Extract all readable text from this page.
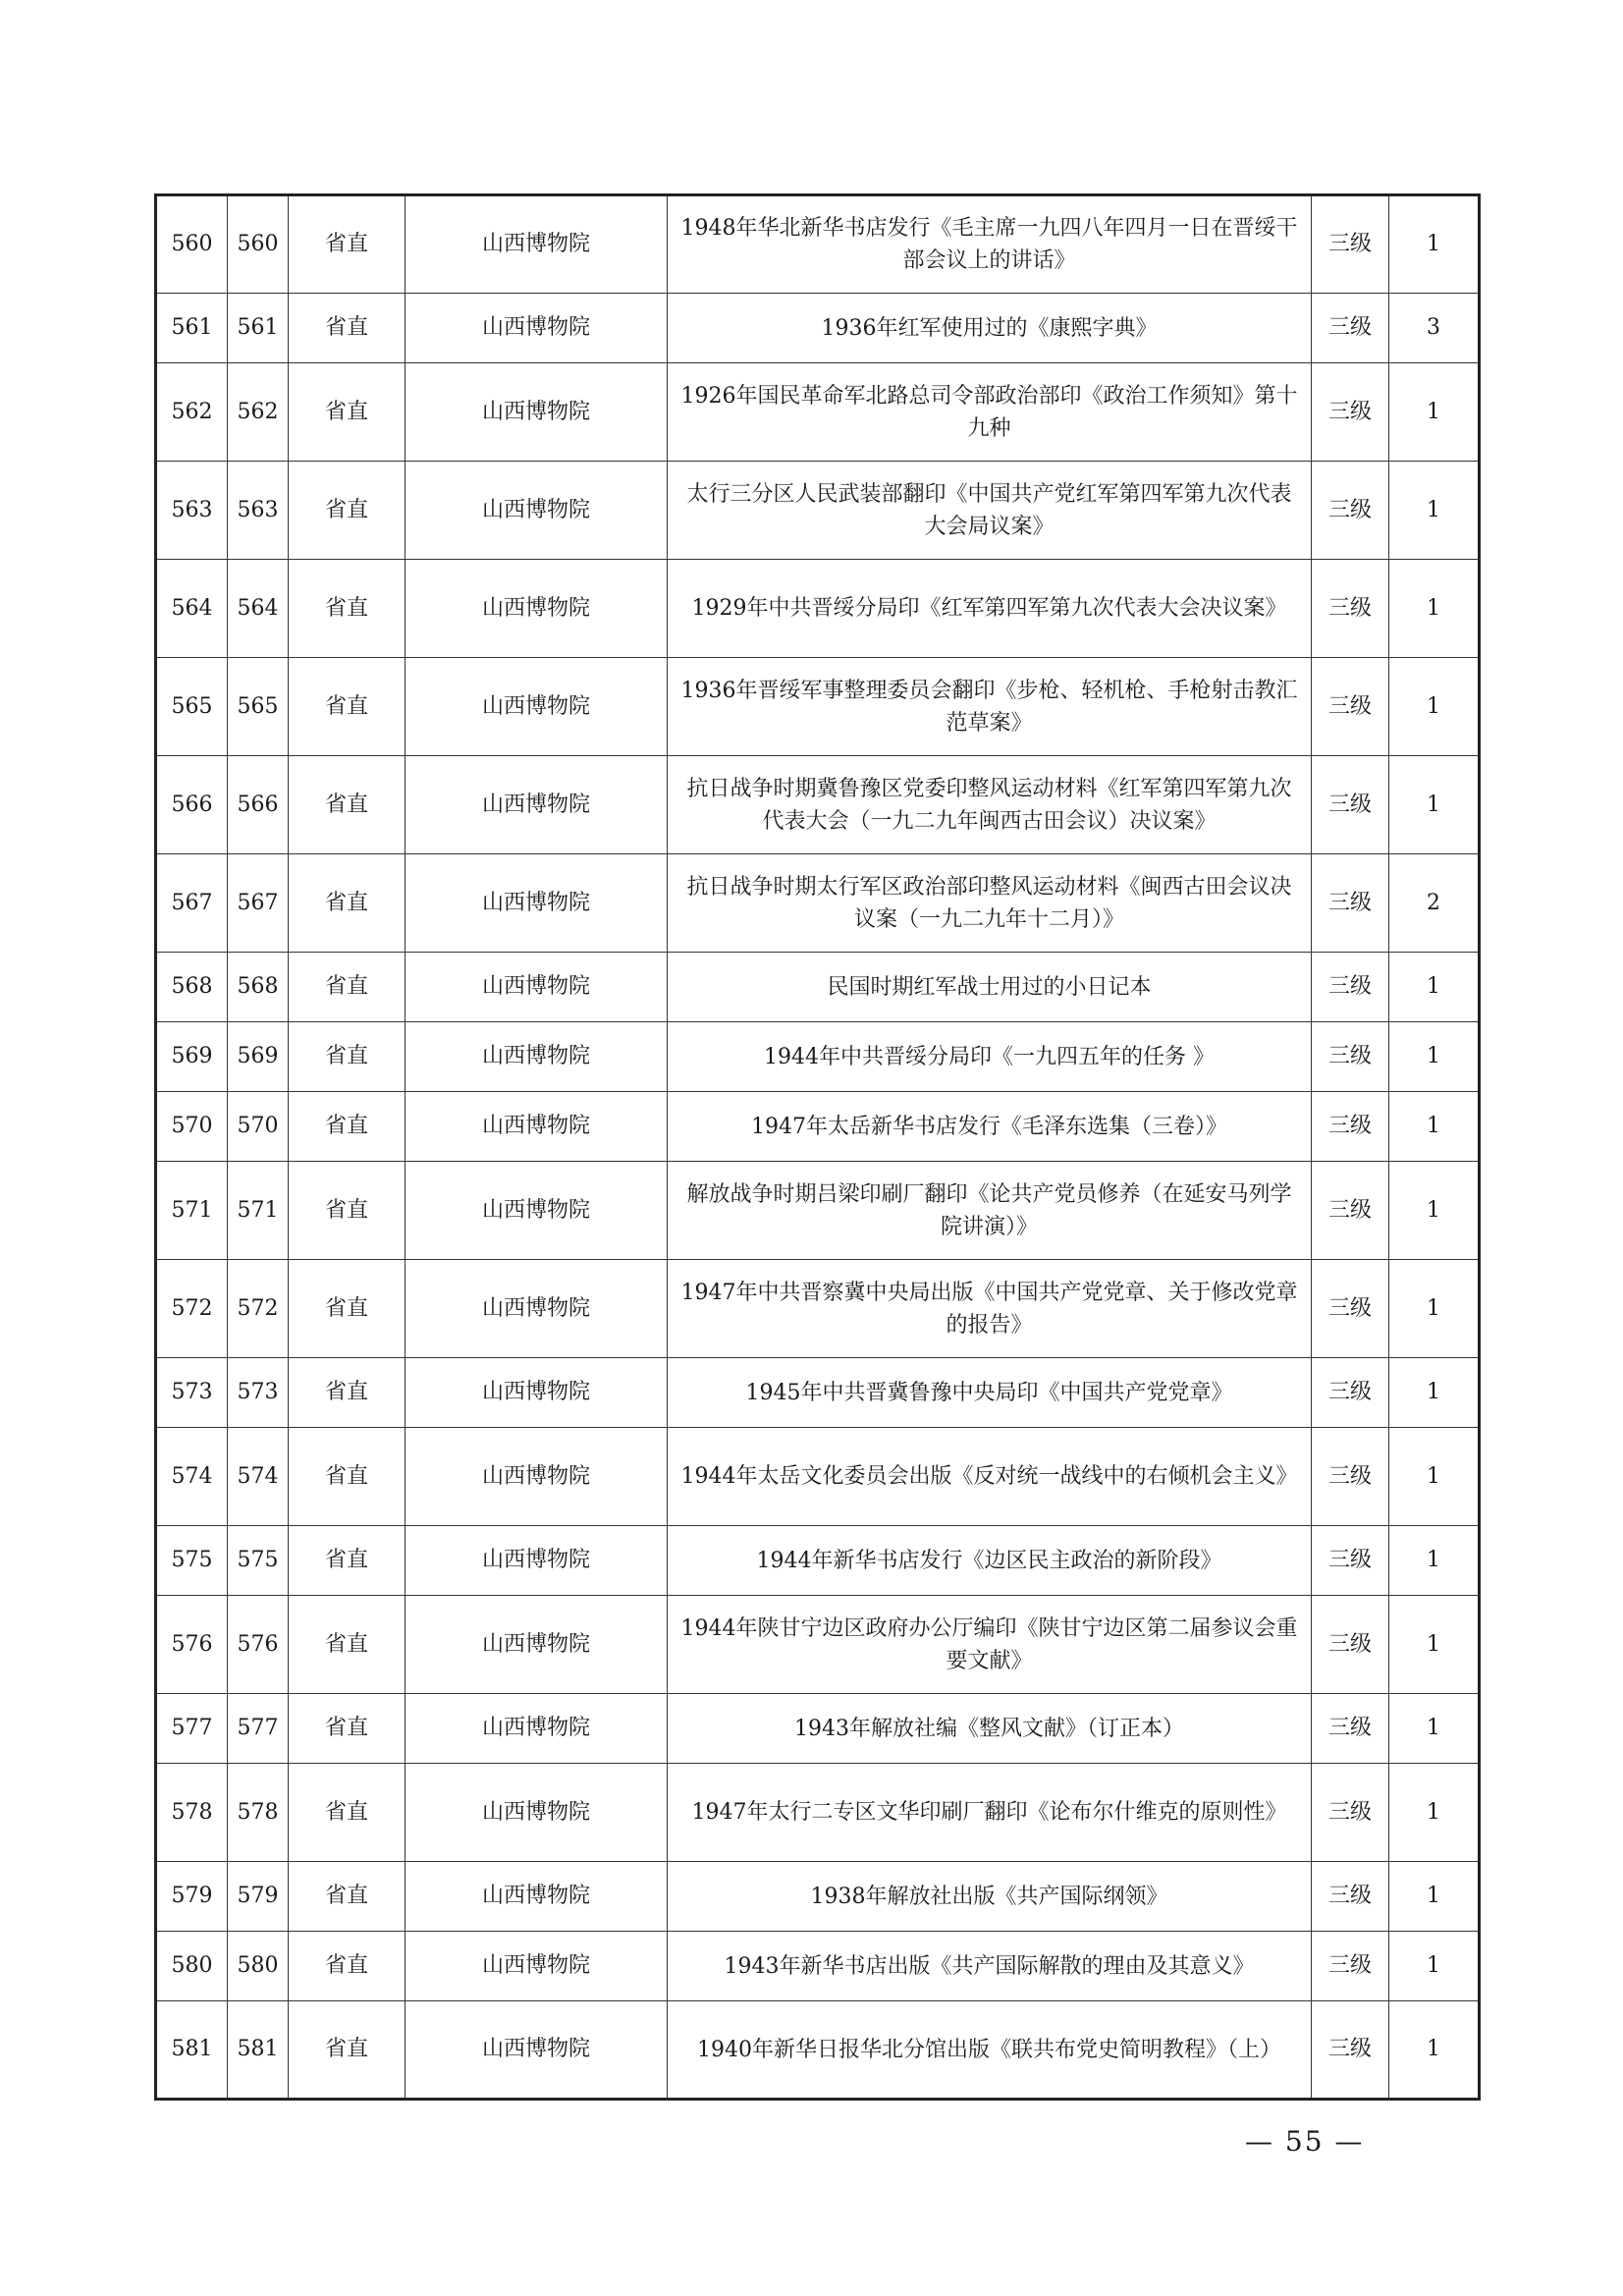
560	560	省直	山西博物院	1948年华北新华书店发行《毛主席一九四八年四月一日在晋绥干部会议上的讲话》	三级	1
561	561	省直	山西博物院	1936年红军使用过的《康熙字典》	三级	3
562	562	省直	山西博物院	1926年国民革命军北路总司令部政治部印《政治工作须知》第十九种	三级	1
563	563	省直	山西博物院	太行三分区人民武装部翻印《中国共产党红军第四军第九次代表大会局议案》	三级	1
564	564	省直	山西博物院	1929年中共晋绥分局印《红军第四军第九次代表大会决议案》	三级	1
565	565	省直	山西博物院	1936年晋绥军事整理委员会翻印《步枪、轻机枪、手枪射击教汇范草案》	三级	1
566	566	省直	山西博物院	抗日战争时期冀鲁豫区党委印整风运动材料《红军第四军第九次代表大会（一九二九年闽西古田会议）决议案》	三级	1
567	567	省直	山西博物院	抗日战争时期太行军区政治部印整风运动材料《闽西古田会议决议案（一九二九年十二月）》	三级	2
568	568	省直	山西博物院	民国时期红军战士用过的小日记本	三级	1
569	569	省直	山西博物院	1944年中共晋绥分局印《一九四五年的任务 》	三级	1
570	570	省直	山西博物院	1947年太岳新华书店发行《毛泽东选集（三卷）》	三级	1
571	571	省直	山西博物院	解放战争时期吕梁印刷厂翻印《论共产党员修养（在延安马列学院讲演）》	三级	1
572	572	省直	山西博物院	1947年中共晋察冀中央局出版《中国共产党党章、关于修改党章的报告》	三级	1
573	573	省直	山西博物院	1945年中共晋冀鲁豫中央局印《中国共产党党章》	三级	1
574	574	省直	山西博物院	1944年太岳文化委员会出版《反对统一战线中的右倾机会主义》	三级	1
575	575	省直	山西博物院	1944年新华书店发行《边区民主政治的新阶段》	三级	1
576	576	省直	山西博物院	1944年陕甘宁边区政府办公厅编印《陕甘宁边区第二届参议会重要文献》	三级	1
577	577	省直	山西博物院	1943年解放社编《整风文献》（订正本）	三级	1
578	578	省直	山西博物院	1947年太行二专区文华印刷厂翻印《论布尔什维克的原则性》	三级	1
579	579	省直	山西博物院	1938年解放社出版《共产国际纲领》	三级	1
580	580	省直	山西博物院	1943年新华书店出版《共产国际解散的理由及其意义》	三级	1
581	581	省直	山西博物院	1940年新华日报华北分馆出版《联共布党史简明教程》（上）	三级	1
— 55 —
